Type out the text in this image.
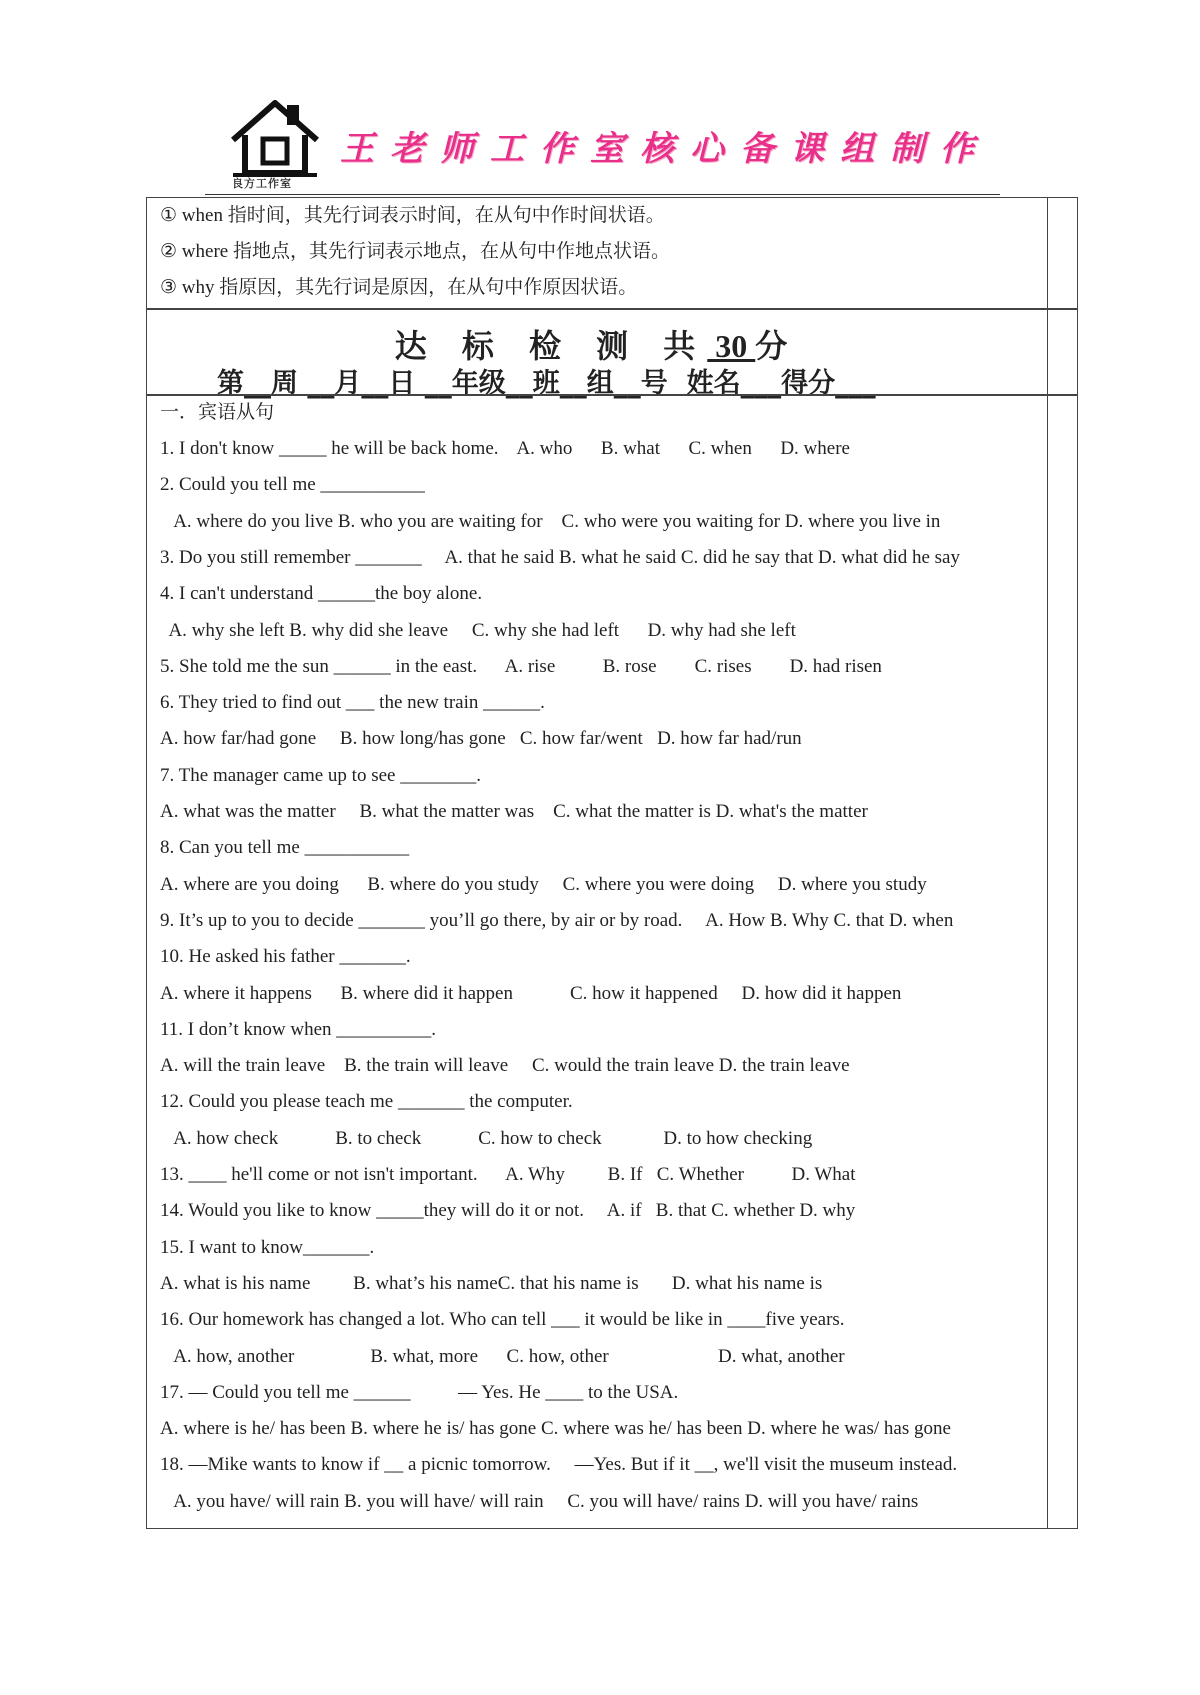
良方工作室
王老师工作室核心备课组制作
达 标 检 测 共 30 分
第__周 __月__日 __年级__班__组__号  姓名___得分___
① when 指时间，其先行词表示时间，在从句中作时间状语。
② where 指地点，其先行词表示地点，在从句中作地点状语。
③ why 指原因，其先行词是原因，在从句中作原因状语。
一．宾语从句
1. I don't know _____ he will be back home.    A. who      B. what      C. when      D. where
2. Could you tell me ___________
A. where do you live B. who you are waiting for    C. who were you waiting for D. where you live in
3. Do you still remember _______     A. that he said B. what he said C. did he say that D. what did he say
4. I can't understand ______the boy alone.
A. why she left B. why did she leave     C. why she had left      D. why had she left
5. She told me the sun ______ in the east.      A. rise          B. rose        C. rises        D. had risen
6. They tried to find out ___ the new train ______.
A. how far/had gone     B. how long/has gone   C. how far/went   D. how far had/run
7. The manager came up to see ________.
A. what was the matter     B. what the matter was    C. what the matter is D. what's the matter
8. Can you tell me ___________
A. where are you doing      B. where do you study     C. where you were doing     D. where you study
9. It’s up to you to decide _______ you’ll go there, by air or by road.     A. How B. Why C. that D. when
10. He asked his father _______.
A. where it happens      B. where did it happen            C. how it happened     D. how did it happen
11. I don’t know when __________.
A. will the train leave    B. the train will leave     C. would the train leave D. the train leave
12. Could you please teach me _______ the computer.
A. how check            B. to check            C. how to check             D. to how checking
13. ____ he'll come or not isn't important.      A. Why         B. If   C. Whether          D. What
14. Would you like to know _____they will do it or not.     A. if   B. that C. whether D. why
15. I want to know_______.
A. what is his name         B. what’s his nameC. that his name is       D. what his name is
16. Our homework has changed a lot. Who can tell ___ it would be like in ____five years.
A. how, another                B. what, more      C. how, other                       D. what, another
17. — Could you tell me ______          — Yes. He ____ to the USA.
A. where is he/ has been B. where he is/ has gone C. where was he/ has been D. where he was/ has gone
18. —Mike wants to know if __ a picnic tomorrow.     —Yes. But if it __, we'll visit the museum instead.
A. you have/ will rain B. you will have/ will rain     C. you will have/ rains D. will you have/ rains
